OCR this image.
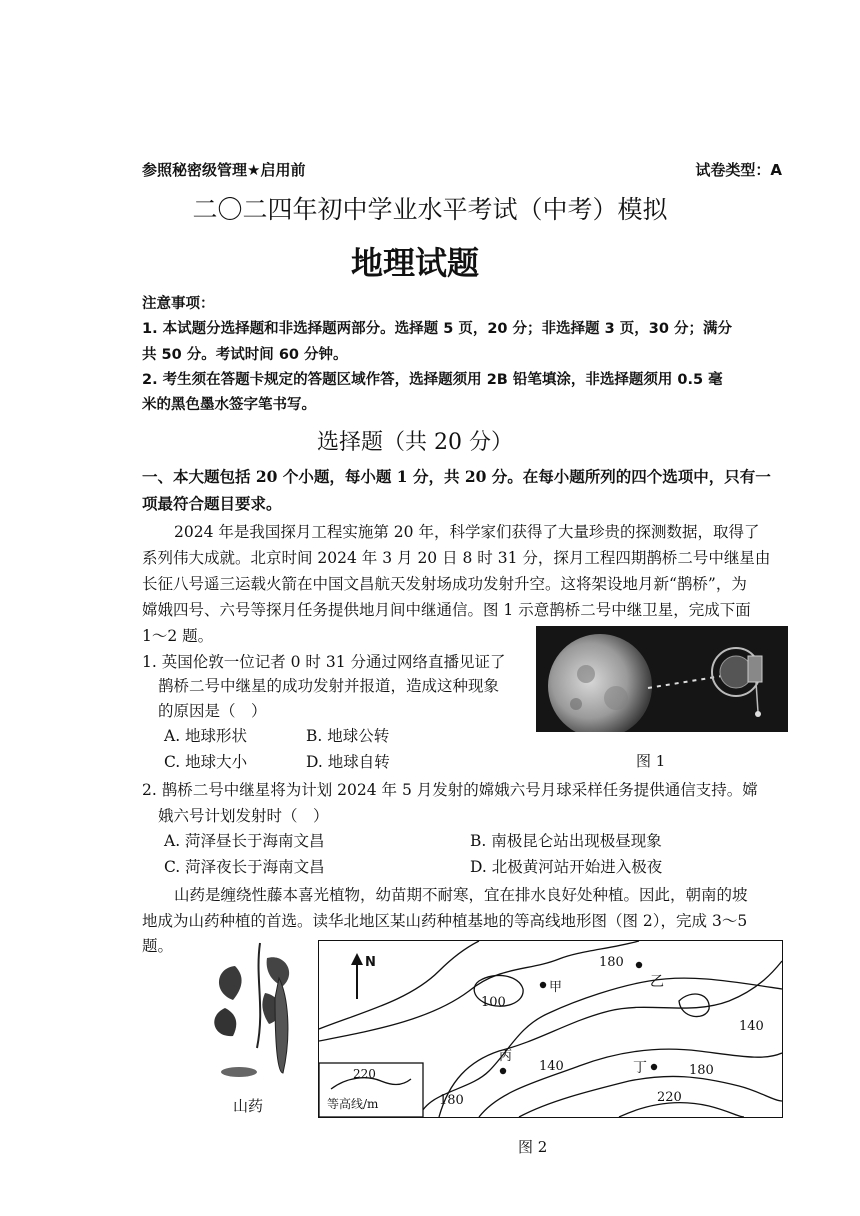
参照秘密级管理★启用前	试卷类型：A
二〇二四年初中学业水平考试（中考）模拟
地理试题
注意事项：
1. 本试题分选择题和非选择题两部分。选择题 5 页，20 分；非选择题 3 页，30 分；满分
共 50 分。考试时间 60 分钟。
2. 考生须在答题卡规定的答题区域作答，选择题须用 2B 铅笔填涂，非选择题须用 0.5 毫
米的黑色墨水签字笔书写。
选择题（共 20 分）
一、本大题包括 20 个小题，每小题 1 分，共 20 分。在每小题所列的四个选项中，只有一
项最符合题目要求。
2024 年是我国探月工程实施第 20 年，科学家们获得了大量珍贵的探测数据，取得了
系列伟大成就。北京时间 2024 年 3 月 20 日 8 时 31 分，探月工程四期鹊桥二号中继星由
长征八号遥三运载火箭在中国文昌航天发射场成功发射升空。这将架设地月新“鹊桥”，为
嫦娥四号、六号等探月任务提供地月间中继通信。图 1 示意鹊桥二号中继卫星，完成下面
1～2 题。
1. 英国伦敦一位记者 0 时 31 分通过网络直播见证了
鹊桥二号中继星的成功发射并报道，造成这种现象
的原因是（　）
A. 地球形状	B. 地球公转
C. 地球大小	D. 地球自转	图 1
2. 鹊桥二号中继星将为计划 2024 年 5 月发射的嫦娥六号月球采样任务提供通信支持。嫦
娥六号计划发射时（　）
A. 菏泽昼长于海南文昌	B. 南极昆仑站出现极昼现象
C. 菏泽夜长于海南文昌	D. 北极黄河站开始进入极夜
山药是缠绕性藤本喜光植物，幼苗期不耐寒，宜在排水良好处种植。因此，朝南的坡
地成为山药种植的首选。读华北地区某山药种植基地的等高线地形图（图 2），完成 3～5
题。
山药
N
220
等高线/m
100
180
140
140	180
220
180
甲	乙
丙
丁
图 2
